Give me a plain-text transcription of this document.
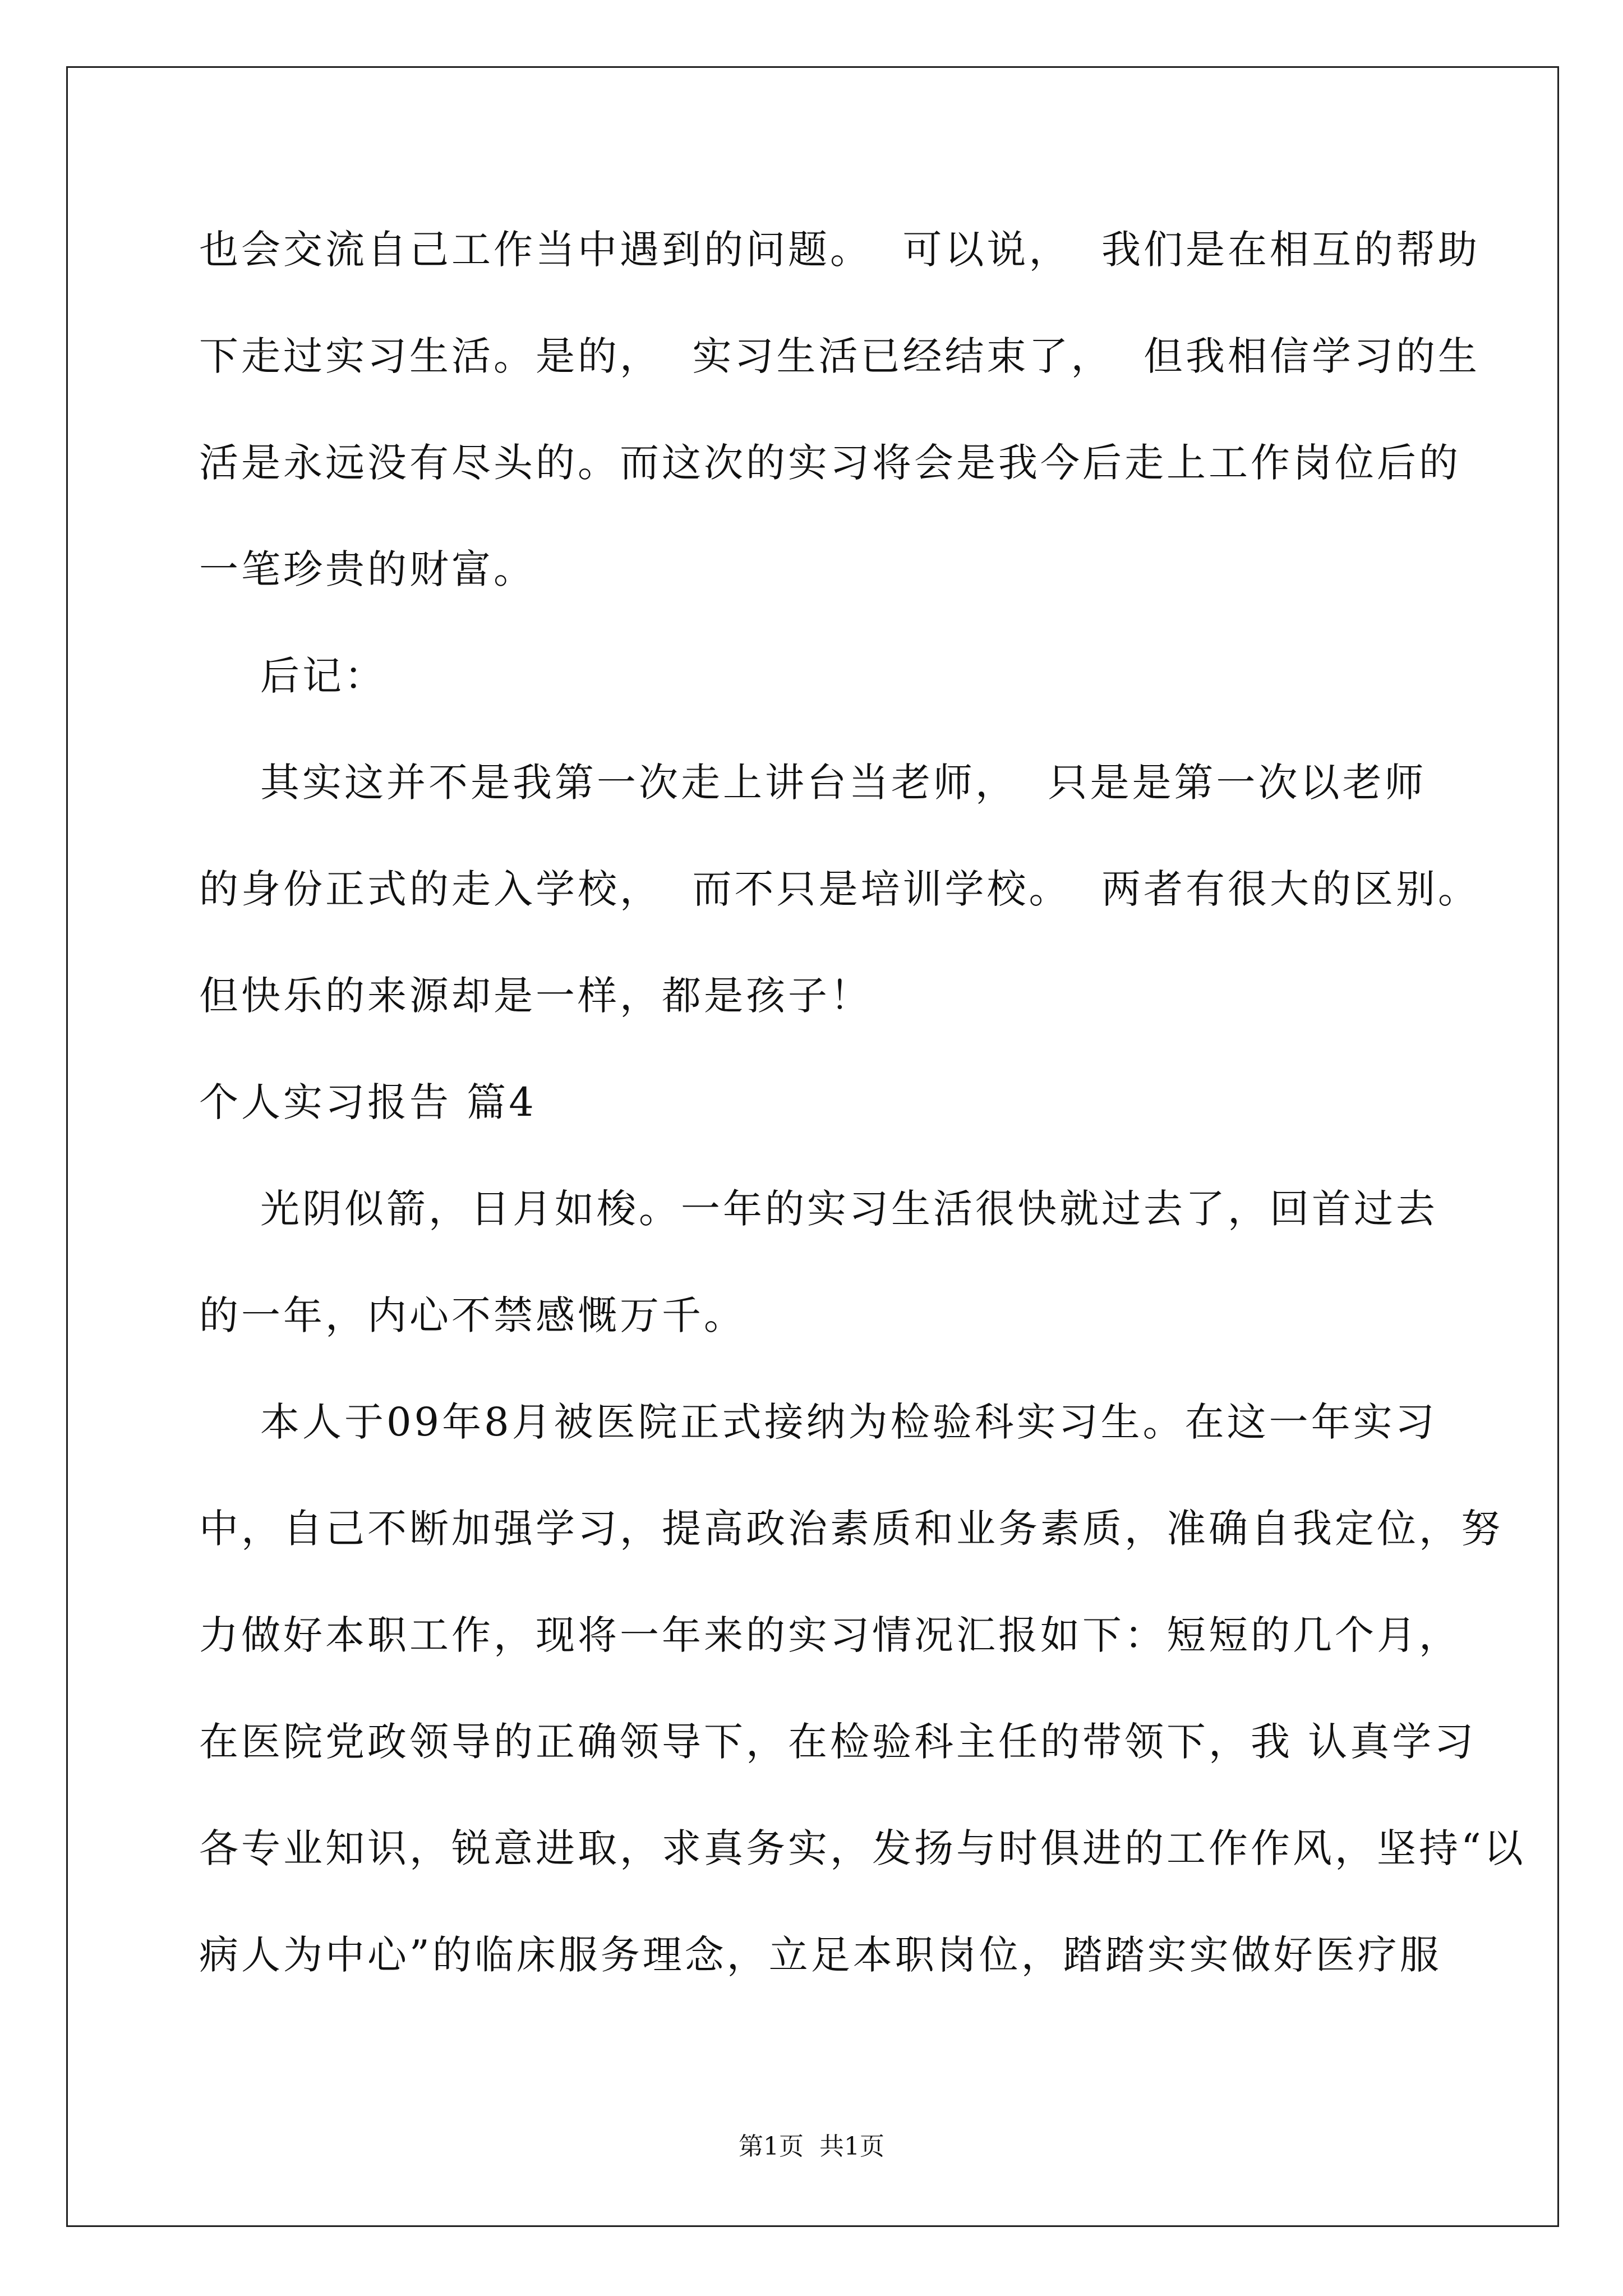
也会交流自己工作当中遇到的问题。  可以说，  我们是在相互的帮助
下走过实习生活。是的，  实习生活已经结束了，  但我相信学习的生
活是永远没有尽头的。而这次的实习将会是我今后走上工作岗位后的
一笔珍贵的财富。
后记：
其实这并不是我第一次走上讲台当老师，  只是是第一次以老师
的身份正式的走入学校，  而不只是培训学校。  两者有很大的区别。
但快乐的来源却是一样，都是孩子！
个人实习报告 篇4
光阴似箭，日月如梭。一年的实习生活很快就过去了，回首过去
的一年，内心不禁感慨万千。
本人于09年8月被医院正式接纳为检验科实习生。在这一年实习
中，自己不断加强学习，提高政治素质和业务素质，准确自我定位，努
力做好本职工作，现将一年来的实习情况汇报如下：短短的几个月，
在医院党政领导的正确领导下，在检验科主任的带领下，我 认真学习
各专业知识，锐意进取，求真务实，发扬与时俱进的工作作风，坚持“以
病人为中心”的临床服务理念，立足本职岗位，踏踏实实做好医疗服
第1页  共1页
